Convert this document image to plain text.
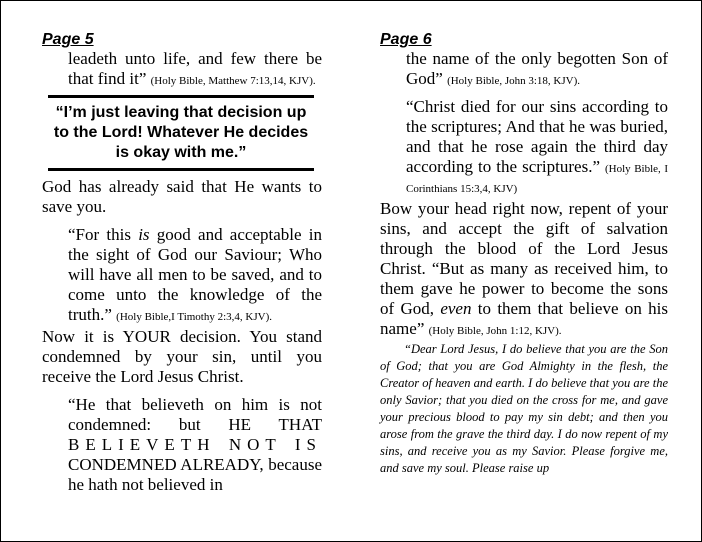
Page 5

leadeth unto life, and few there be that find it” (Holy Bible, Matthew 7:13,14, KJV).

“I’m just leaving that decision up to the Lord! Whatever He decides is okay with me.”

God has already said that He wants to save you.

“For this is good and acceptable in the sight of God our Saviour; Who will have all men to be saved, and to come unto the knowledge of the truth.” (Holy Bible,I Timothy 2:3,4, KJV).

Now it is YOUR decision. You stand condemned by your sin, until you receive the Lord Jesus Christ.

“He that believeth on him is not condemned: but HE THAT

BELIEVETH NOT IS

CONDEMNED ALREADY, because he hath not believed in

Page 6

the name of the only begotten Son of God” (Holy Bible, John 3:18, KJV).

“Christ died for our sins according to the scriptures; And that he was buried, and that he rose again the third day according to the scriptures.” (Holy Bible, I Corinthians 15:3,4, KJV)

Bow your head right now, repent of your sins, and accept the gift of salvation through the blood of the Lord Jesus Christ. “But as many as received him, to them gave he power to become the sons of God, even to them that believe on his name” (Holy Bible, John 1:12, KJV).

“Dear Lord Jesus, I do believe that you are the Son of God; that you are God Almighty in the flesh, the Creator of heaven and earth. I do believe that you are the only Savior; that you died on the cross for me, and gave your precious blood to pay my sin debt; and then you arose from the grave the third day. I do now repent of my sins, and receive you as my Savior. Please forgive me, and save my soul. Please raise up
